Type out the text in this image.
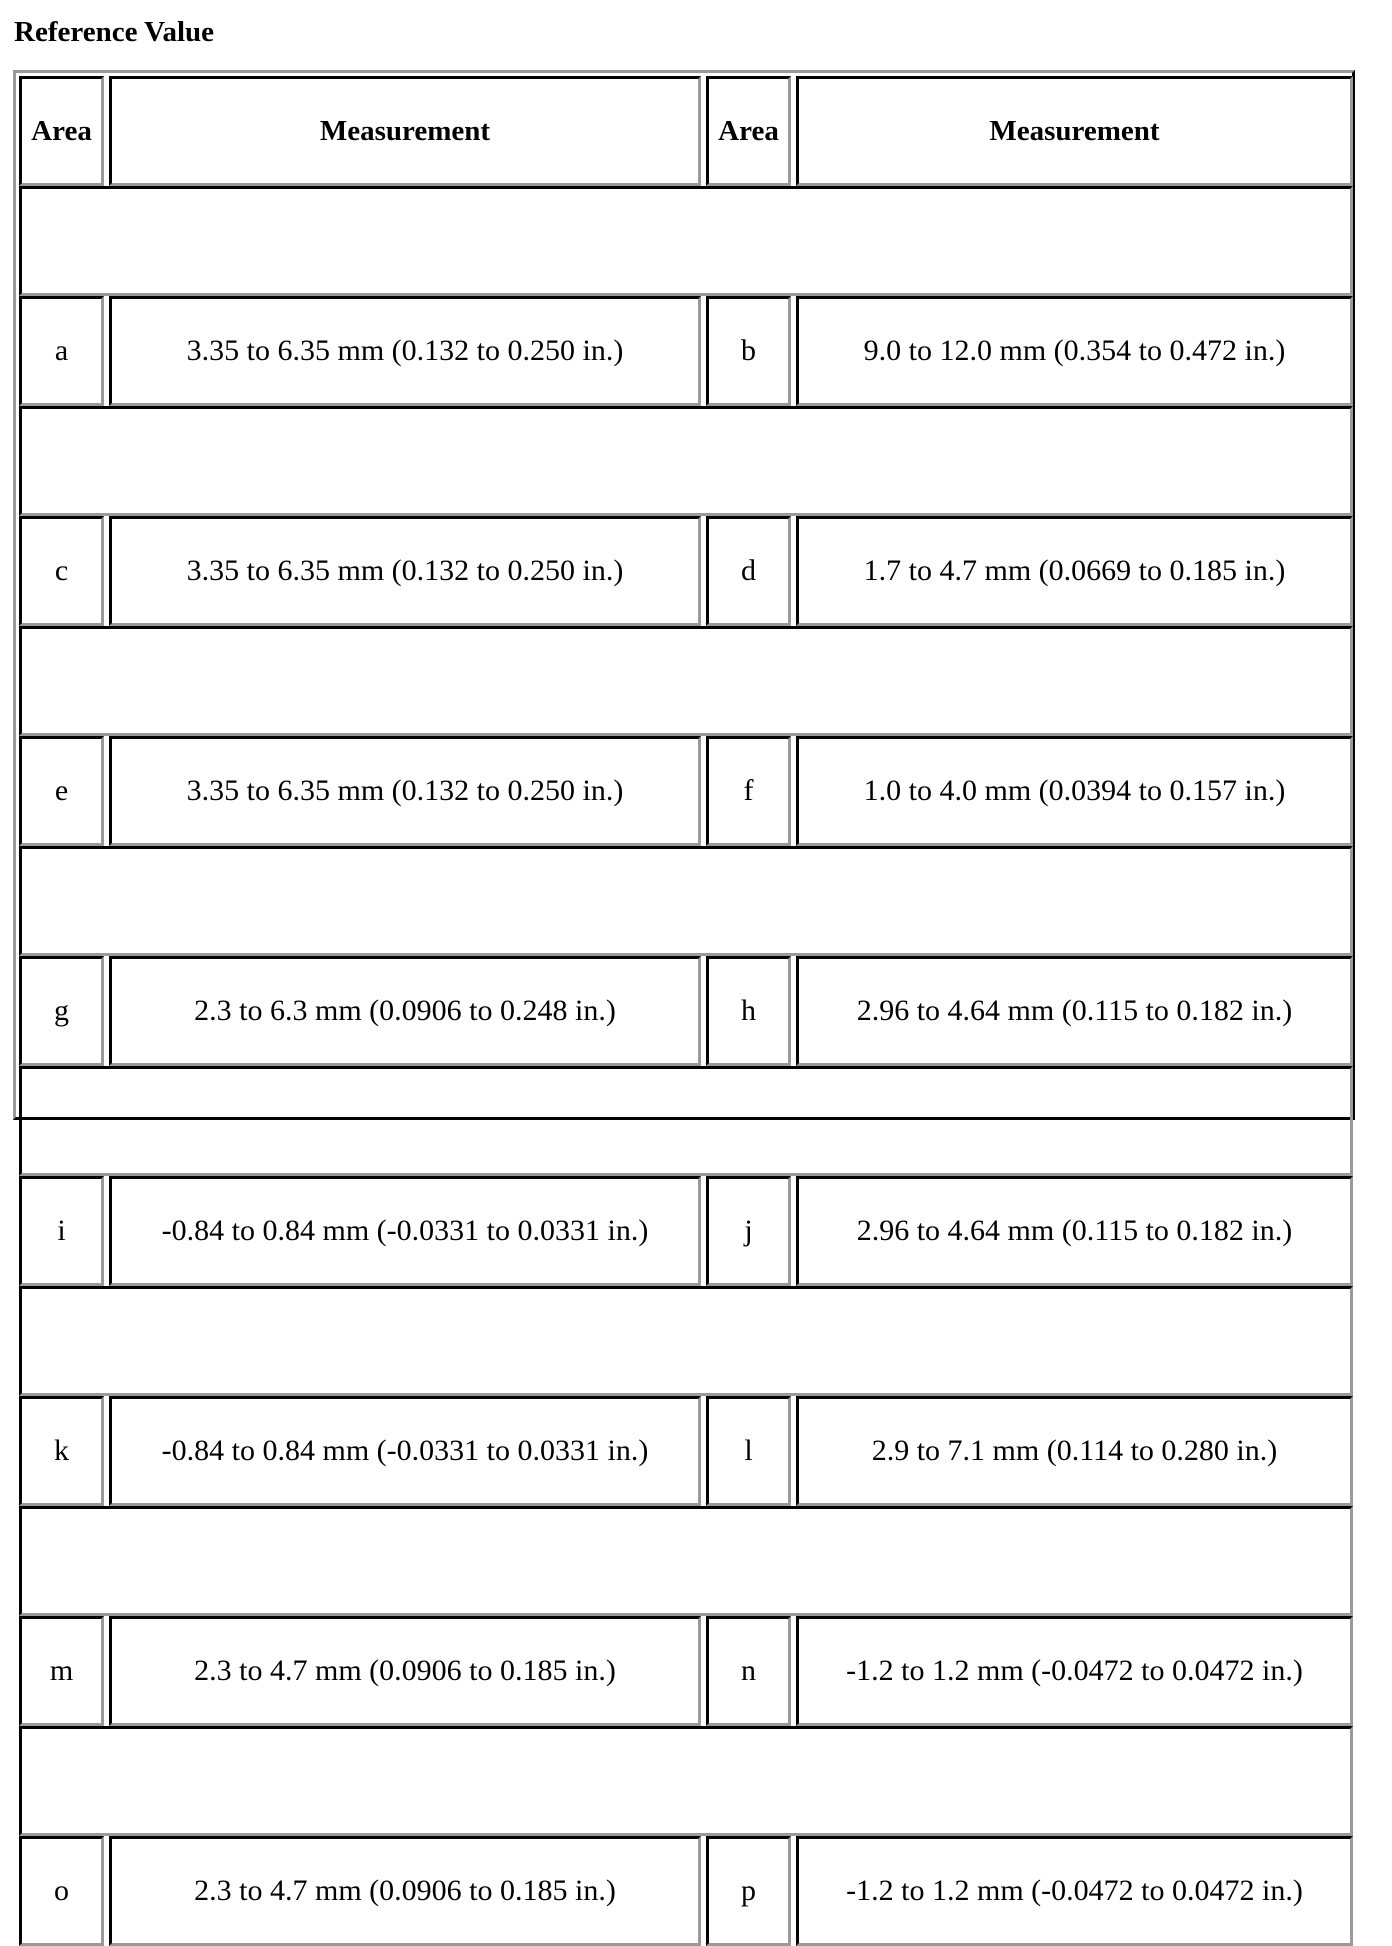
Reference Value
Area		Measurement		Area		Measurement

a		3.35 to 6.35 mm (0.132 to 0.250 in.)		b		9.0 to 12.0 mm (0.354 to 0.472 in.)

c		3.35 to 6.35 mm (0.132 to 0.250 in.)		d		1.7 to 4.7 mm (0.0669 to 0.185 in.)

e		3.35 to 6.35 mm (0.132 to 0.250 in.)		f		1.0 to 4.0 mm (0.0394 to 0.157 in.)

g		2.3 to 6.3 mm (0.0906 to 0.248 in.)		h		2.96 to 4.64 mm (0.115 to 0.182 in.)

i		-0.84 to 0.84 mm (-0.0331 to 0.0331 in.)		j		2.96 to 4.64 mm (0.115 to 0.182 in.)

k		-0.84 to 0.84 mm (-0.0331 to 0.0331 in.)		l		2.9 to 7.1 mm (0.114 to 0.280 in.)

m		2.3 to 4.7 mm (0.0906 to 0.185 in.)		n		-1.2 to 1.2 mm (-0.0472 to 0.0472 in.)

o		2.3 to 4.7 mm (0.0906 to 0.185 in.)		p		-1.2 to 1.2 mm (-0.0472 to 0.0472 in.)
